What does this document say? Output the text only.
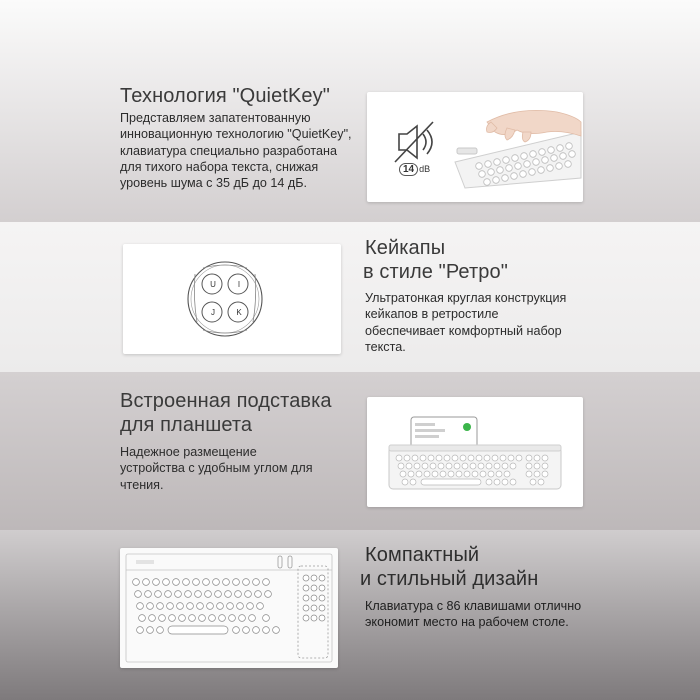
Технология "QuietKey"
Представляем запатентованную инновационную технологию "QuietKey", клавиатура специально разработана для тихого набора текста, снижая уровень шума с 35 дБ до 14 дБ.
14 dB
U	I
J	K
Кейкапы
в стиле "Ретро"
Ультратонкая круглая конструкция кейкапов в ретростиле обеспечивает комфортный набор текста.
Встроенная подставка
для планшета
Надежное размещение устройства с удобным углом для чтения.
Компактный
и стильный дизайн
Клавиатура с 86 клавишами отлично экономит место на рабочем столе.
